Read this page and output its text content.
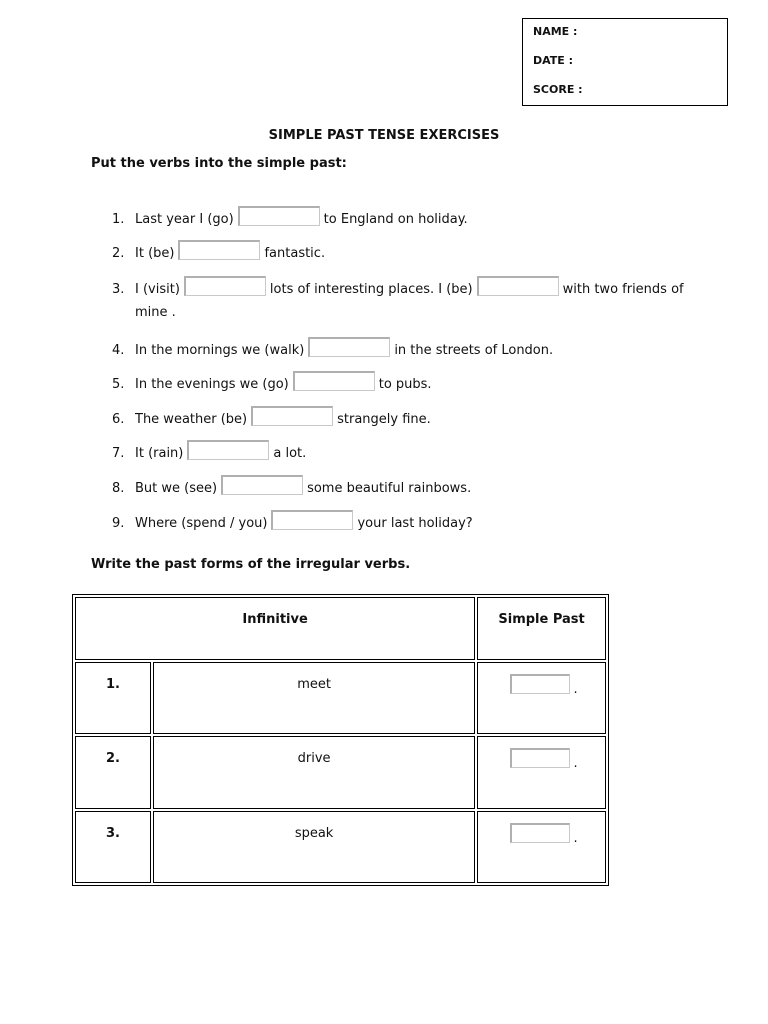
NAME :
DATE :
SCORE :
SIMPLE PAST TENSE EXERCISES
Put the verbs into the simple past:
1. Last year I (go)	to England on holiday.
2. It (be)	fantastic.
3. I (visit)	lots of interesting places. I (be)	with two friends of
mine .
4. In the mornings we (walk)	in the streets of London.
5. In the evenings we (go)	to pubs.
6. The weather (be)	strangely fine.
7. It (rain)	a lot.
8. But we (see)	some beautiful rainbows.
9. Where (spend / you)	your last holiday?
Write the past forms of the irregular verbs.
Infinitive		Simple Past
1.	meet	.
2.	drive	.
3.	speak	.
